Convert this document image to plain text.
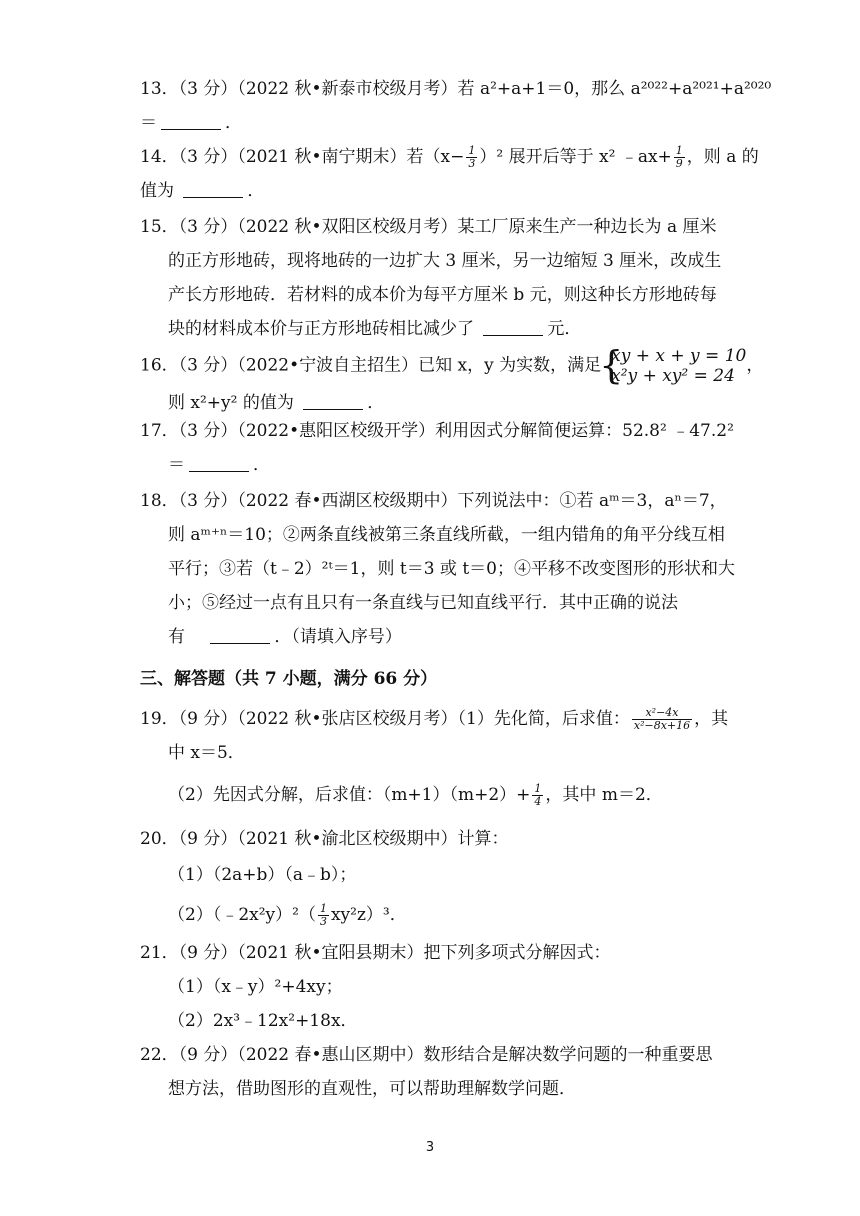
13．（3 分）（2022 秋•新泰市校级月考）若 a²+a+1＝0，那么 a²⁰²²+a²⁰²¹+a²⁰²⁰
＝	．
14．（3 分）（2021 秋•南宁期末）若$(x- \frac{1}{3} )^2$ 展开后等于 x² ﹣ax+ $\frac{1}{9}$ ，则 a 的
值为	．
15．（3 分）（2022 秋•双阳区校级月考）某工厂原来生产一种边长为 a 厘米
的正方形地砖，现将地砖的一边扩大 3 厘米，另一边缩短 3 厘米，改成生
产长方形地砖．若材料的成本价为每平方厘米 b 元，则这种长方形地砖每
块的材料成本价与正方形地砖相比减少了	元．
16．（3 分）（2022•宁波自主招生）已知 x，y 为实数，满足
{ xy + x + y = 10
x²y + xy² = 24
，
则 x²+y² 的值为	．
17．（3 分）（2022•惠阳区校级开学）利用因式分解简便运算：52.8² ﹣47.2²
＝	．
18．（3 分）（2022 春•西湖区校级期中）下列说法中：①若 aᵐ＝3，aⁿ＝7，
则 aᵐ⁺ⁿ＝10；②两条直线被第三条直线所截，一组内错角的角平分线互相
平行；③若（t﹣2）²ᵗ＝1，则 t＝3 或 t＝0；④平移不改变图形的形状和大
小；⑤经过一点有且只有一条直线与已知直线平行．其中正确的说法
有	．（请填入序号）
三、解答题（共 7 小题，满分 66 分）
19．（9 分）（2022 秋•张店区校级月考）（1）先化简，后求值： $\frac{\text{x²−4x}}{\text{x²−8x+16}}$ ，其
中 x＝5．
（2）先因式分解，后求值：$(m+1)(m+2)+ \frac{1}{4}$ ，其中 m＝2．
20．（9 分）（2021 秋•渝北区校级期中）计算：
（1）（2a+b）（a﹣b）；
（2）（﹣2x²y）²（ $\frac{1}{3} xy^2z)^3$．
21．（9 分）（2021 秋•宜阳县期末）把下列多项式分解因式：
（1）（x﹣y）²+4xy；
（2）2x³﹣12x²+18x．
22．（9 分）（2022 春•惠山区期中）数形结合是解决数学问题的一种重要思
想方法，借助图形的直观性，可以帮助理解数学问题．
3
